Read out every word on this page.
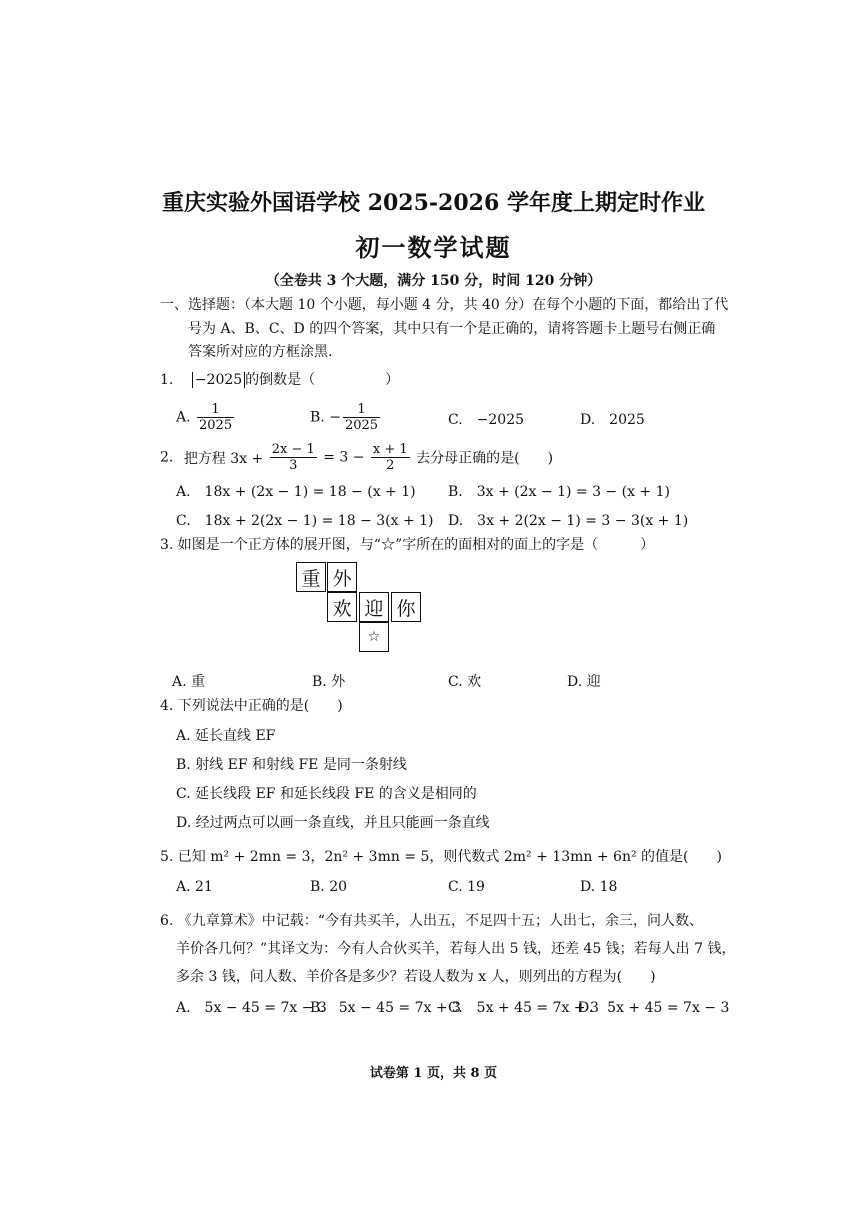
重庆实验外国语学校 2025-2026 学年度上期定时作业
初一数学试题
（全卷共 3 个大题，满分 150 分，时间 120 分钟）
一、选择题：（本大题 10 个小题，每小题 4 分，共 40 分）在每个小题的下面，都给出了代
号为 A、B、C、D 的四个答案，其中只有一个是正确的，请将答题卡上题号右侧正确
答案所对应的方框涂黑.
1. −2025 的倒数是（　　　　　）
A. $\frac{1}{2025}$	B. − $\frac{1}{2025}$	C.　−2025	D.　2025
2. 把方程 $3x + \frac{2x - 1}{3} = 3 - \frac{x + 1}{2}$ 去分母正确的是(　　)
A.　18x + (2x − 1) = 18 − (x + 1) B.　3x + (2x − 1) = 3 − (x + 1)
C.　18x + 2(2x − 1) = 18 − 3(x + 1) D.　3x + 2(2x − 1) = 3 − 3(x + 1)
3. 如图是一个正方体的展开图，与“☆”字所在的面相对的面上的字是（　　　）
重 外
欢 迎 你
☆
A. 重	B. 外	C. 欢	D. 迎
4. 下列说法中正确的是(　　)
A. 延长直线 EF
B. 射线 EF 和射线 FE 是同一条射线
C. 延长线段 EF 和延长线段 FE 的含义是相同的
D. 经过两点可以画一条直线，并且只能画一条直线
5. 已知 m² + 2mn = 3，2n² + 3mn = 5，则代数式 2m² + 13mn + 6n² 的值是(　　)
A. 21	B. 20	C. 19	D. 18
6. 《九章算术》中记载：“今有共买羊，人出五，不足四十五；人出七，余三，问人数、
羊价各几何？”其译文为：今有人合伙买羊，若每人出 5 钱，还差 45 钱；若每人出 7 钱，
多余 3 钱，问人数、羊价各是多少？若设人数为 x 人，则列出的方程为(　　)
A.　5x − 45 = 7x − 3
B.　5x − 45 = 7x + 3
C.　5x + 45 = 7x + 3
D.　5x + 45 = 7x − 3
试卷第 1 页，共 8 页
